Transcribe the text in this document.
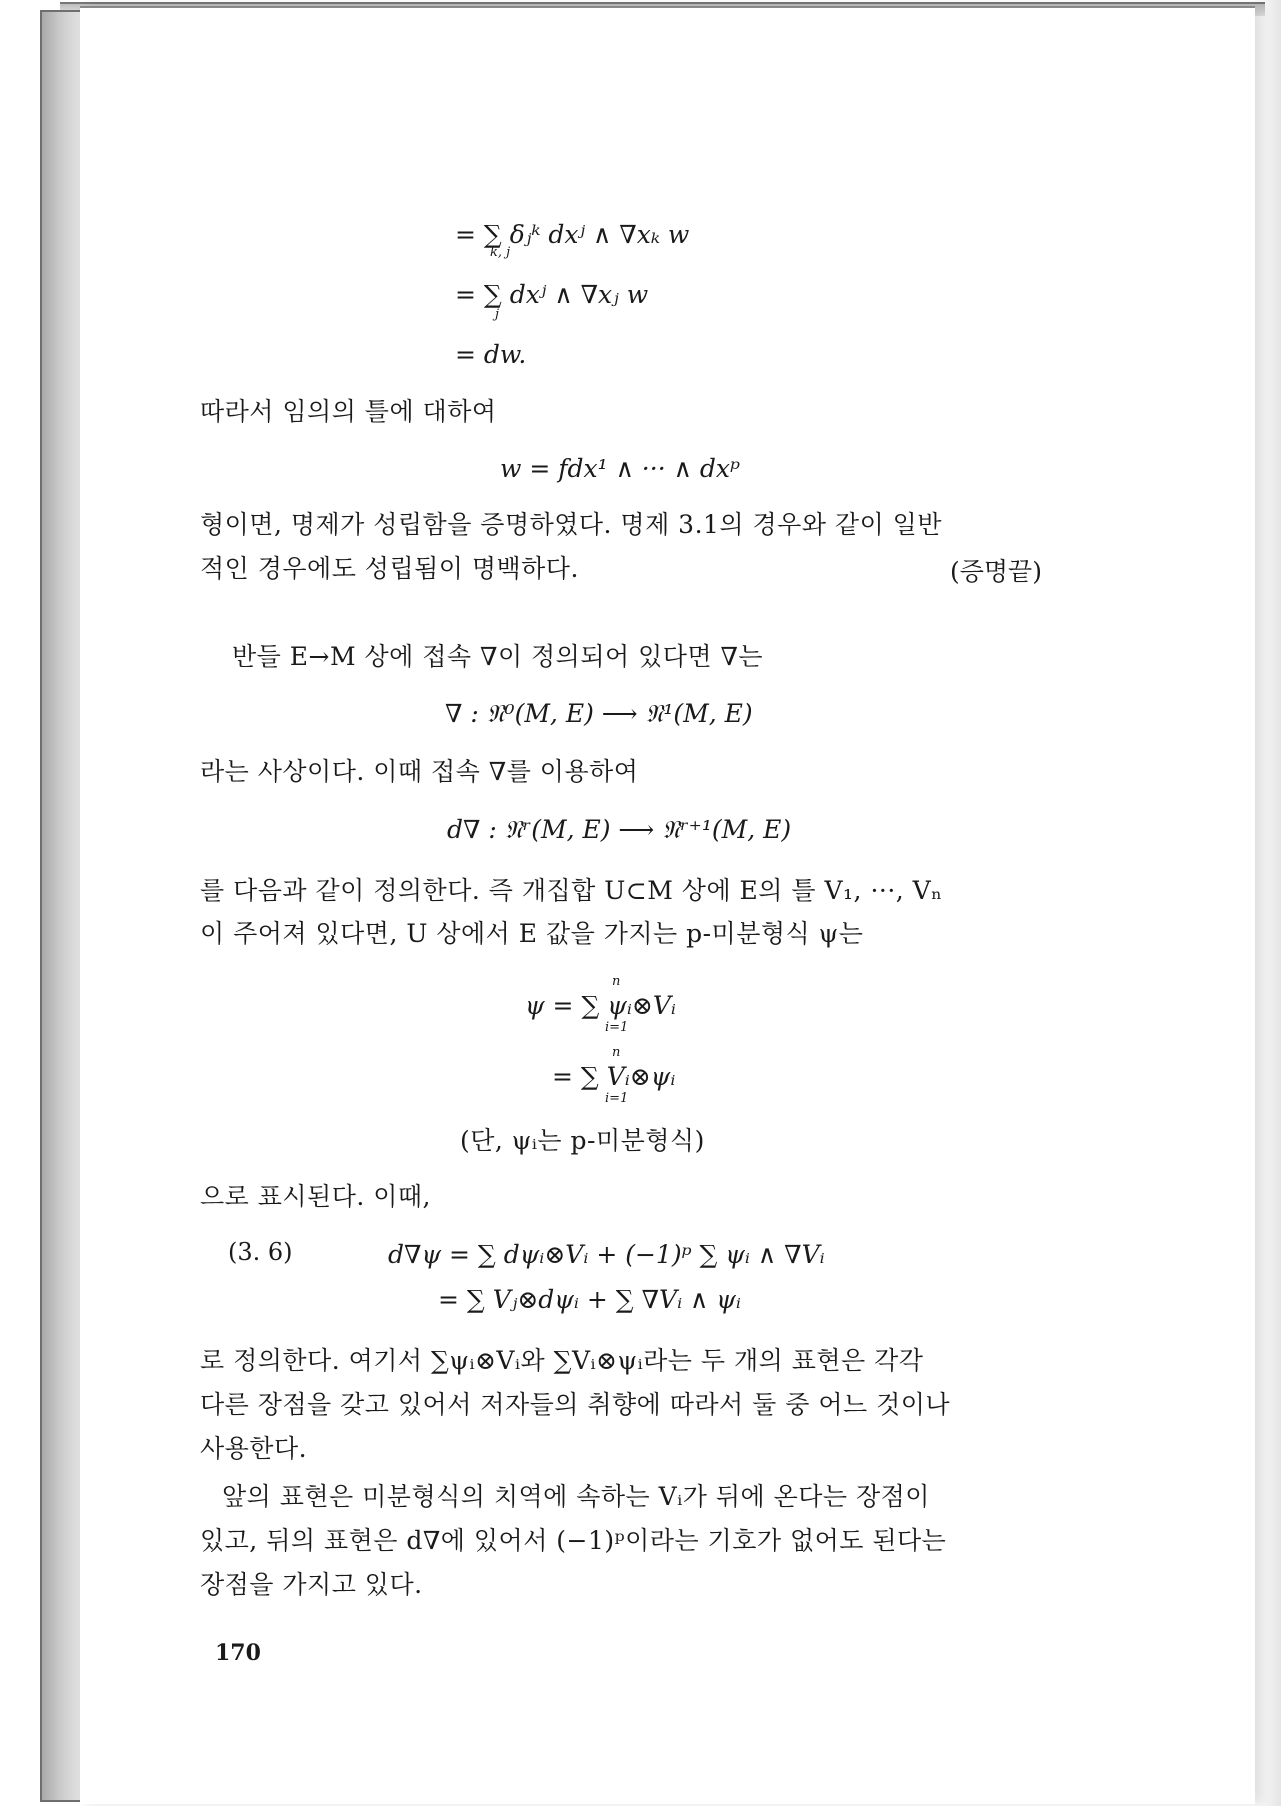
= ∑ δⱼᵏ dxʲ ∧ ∇xₖ w
k, j
= ∑ dxʲ ∧ ∇xⱼ w
j
= dw.
따라서 임의의 틀에 대하여
w = fdx¹ ∧ ··· ∧ dxᵖ
형이면, 명제가 성립함을 증명하였다. 명제 3.1의 경우와 같이 일반
적인 경우에도 성립됨이 명백하다.	(증명끝)
반들 E→M 상에 접속 ∇이 정의되어 있다면 ∇는
∇ : 𝔑⁰(M, E) ⟶ 𝔑¹(M, E)
라는 사상이다. 이때 접속 ∇를 이용하여
d∇ : 𝔑ʳ(M, E) ⟶ 𝔑ʳ⁺¹(M, E)
를 다음과 같이 정의한다. 즉 개집합 U⊂M 상에 E의 틀 V₁, ···, Vₙ
이 주어져 있다면, U 상에서 E 값을 가지는 p-미분형식 ψ는
n
ψ = ∑ ψᵢ⊗Vᵢ
i=1
n
= ∑ Vᵢ⊗ψᵢ
i=1
(단, ψᵢ는 p-미분형식)
으로 표시된다. 이때,
(3. 6)	d∇ψ = ∑ dψᵢ⊗Vᵢ + (−1)ᵖ ∑ ψᵢ ∧ ∇Vᵢ
= ∑ Vⱼ⊗dψᵢ + ∑ ∇Vᵢ ∧ ψᵢ
로 정의한다. 여기서 ∑ψᵢ⊗Vᵢ와 ∑Vᵢ⊗ψᵢ라는 두 개의 표현은 각각
다른 장점을 갖고 있어서 저자들의 취향에 따라서 둘 중 어느 것이나
사용한다.
앞의 표현은 미분형식의 치역에 속하는 Vᵢ가 뒤에 온다는 장점이
있고, 뒤의 표현은 d∇에 있어서 (−1)ᵖ이라는 기호가 없어도 된다는
장점을 가지고 있다.
170
